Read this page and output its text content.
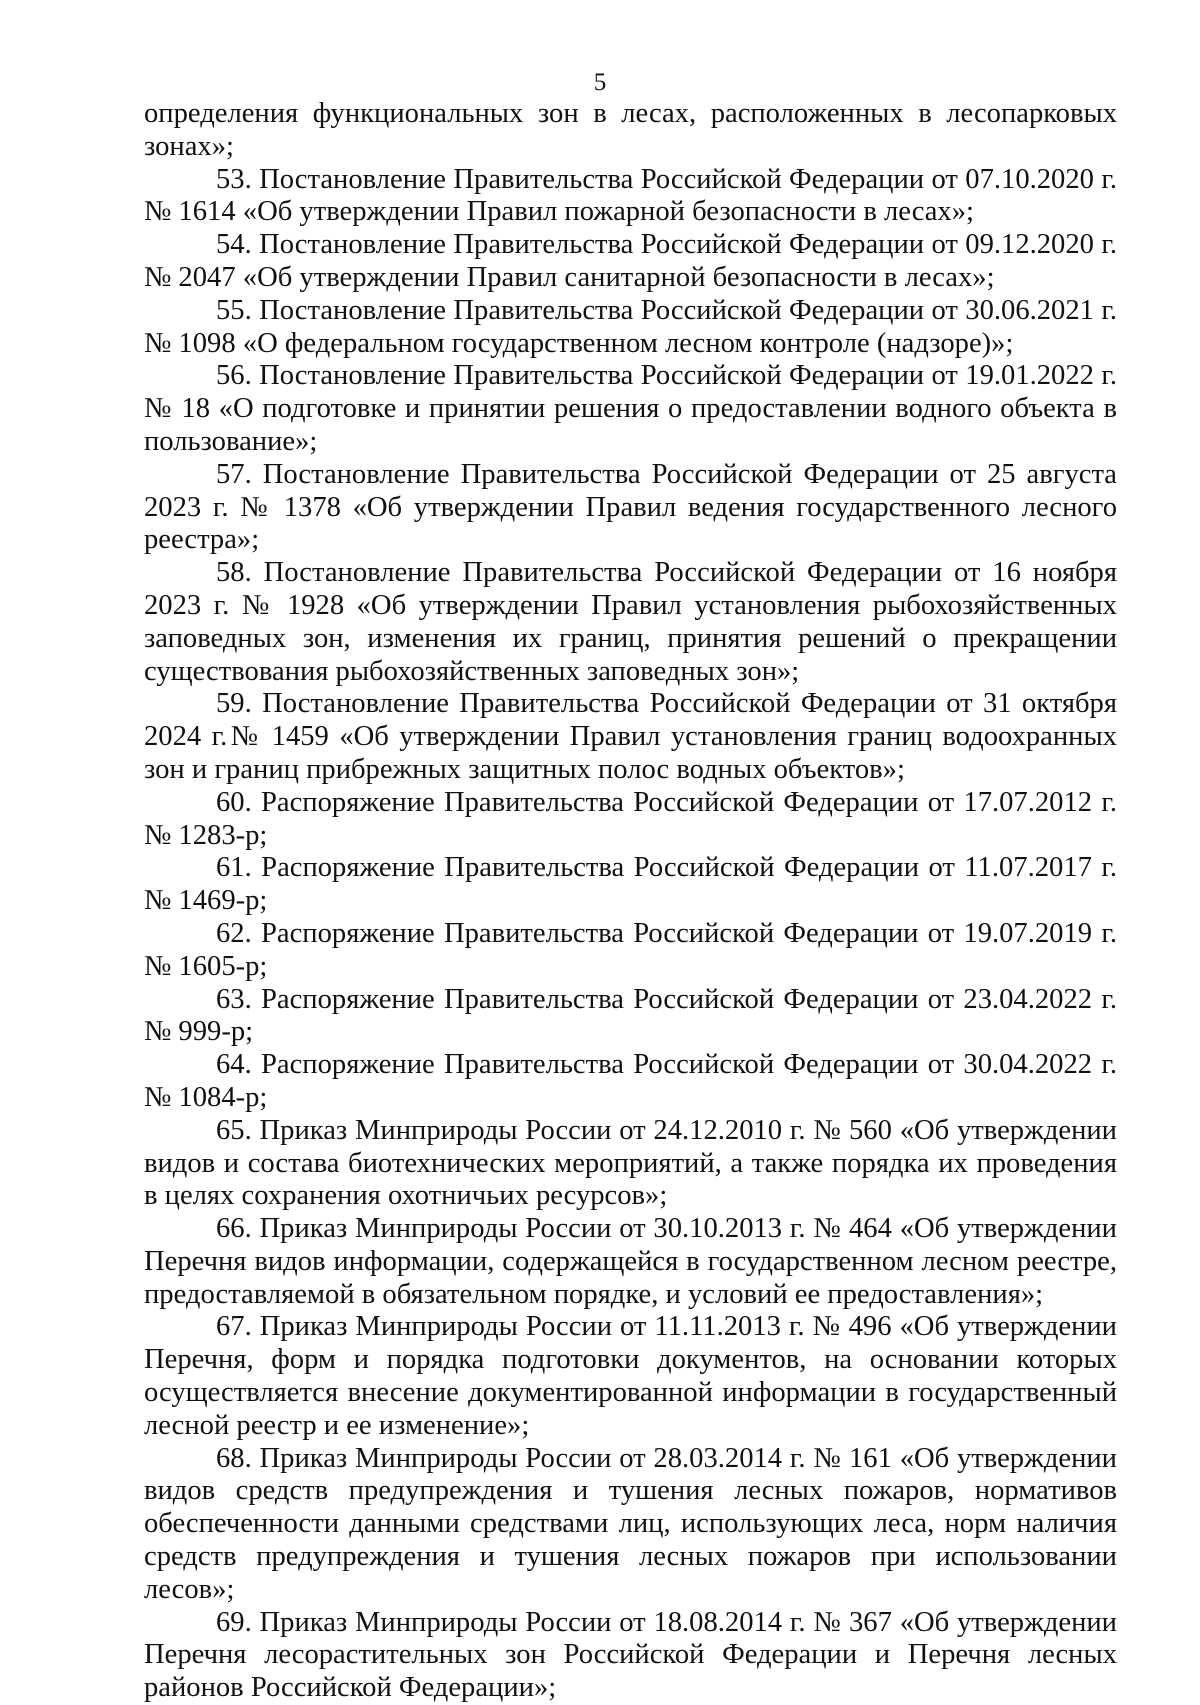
5

определения функциональных зон в лесах, расположенных в лесопарковых зонах»;

53. Постановление Правительства Российской Федерации от 07.10.2020 г. № 1614 «Об утверждении Правил пожарной безопасности в лесах»;

54. Постановление Правительства Российской Федерации от 09.12.2020 г. № 2047 «Об утверждении Правил санитарной безопасности в лесах»;

55. Постановление Правительства Российской Федерации от 30.06.2021 г. № 1098 «О федеральном государственном лесном контроле (надзоре)»;

56. Постановление Правительства Российской Федерации от 19.01.2022 г. № 18 «О подготовке и принятии решения о предоставлении водного объекта в пользование»;

57. Постановление Правительства Российской Федерации от 25 августа 2023 г. № 1378 «Об утверждении Правил ведения государственного лесного реестра»;

58. Постановление Правительства Российской Федерации от 16 ноября 2023 г. № 1928 «Об утверждении Правил установления рыбохозяйственных заповедных зон, изменения их границ, принятия решений о прекращении существования рыбохозяйственных заповедных зон»;

59. Постановление Правительства Российской Федерации от 31 октября 2024 г.№ 1459 «Об утверждении Правил установления границ водоохранных зон и границ прибрежных защитных полос водных объектов»;

60. Распоряжение Правительства Российской Федерации от 17.07.2012 г. № 1283-р;

61. Распоряжение Правительства Российской Федерации от 11.07.2017 г. № 1469-р;

62. Распоряжение Правительства Российской Федерации от 19.07.2019 г. № 1605-р;

63. Распоряжение Правительства Российской Федерации от 23.04.2022 г. № 999-р;

64. Распоряжение Правительства Российской Федерации от 30.04.2022 г. № 1084-р;

65. Приказ Минприроды России от 24.12.2010 г. № 560 «Об утверждении видов и состава биотехнических мероприятий, а также порядка их проведения в целях сохранения охотничьих ресурсов»;

66. Приказ Минприроды России от 30.10.2013 г. № 464 «Об утверждении Перечня видов информации, содержащейся в государственном лесном реестре, предоставляемой в обязательном порядке, и условий ее предоставления»;

67. Приказ Минприроды России от 11.11.2013 г. № 496 «Об утверждении Перечня, форм и порядка подготовки документов, на основании которых осуществляется внесение документированной информации в государственный лесной реестр и ее изменение»;

68. Приказ Минприроды России от 28.03.2014 г. № 161 «Об утверждении видов средств предупреждения и тушения лесных пожаров, нормативов обеспеченности данными средствами лиц, использующих леса, норм наличия средств предупреждения и тушения лесных пожаров при использовании лесов»;

69. Приказ Минприроды России от 18.08.2014 г. № 367 «Об утверждении Перечня лесорастительных зон Российской Федерации и Перечня лесных районов Российской Федерации»;
